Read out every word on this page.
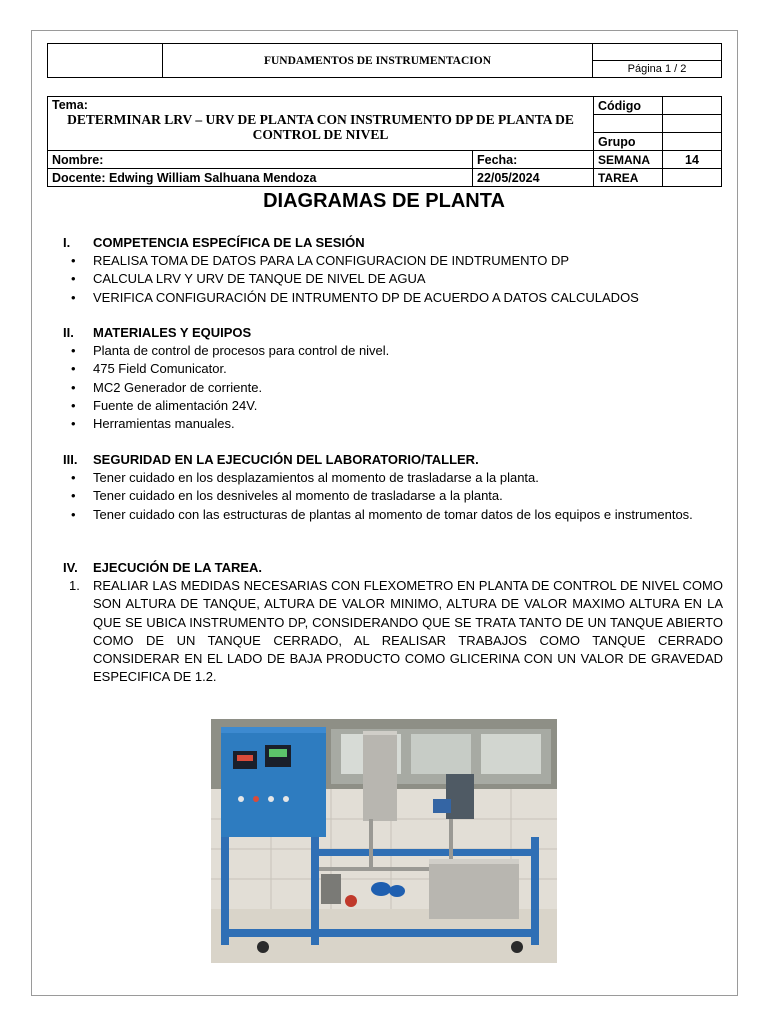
	FUNDAMENTOS DE INSTRUMENTACION	
Página 1 / 2
Tema:
DETERMINAR LRV – URV DE PLANTA CON INSTRUMENTO DP DE PLANTA DE CONTROL DE NIVEL		Código	

		Grupo	
Nombre:	Fecha:	SEMANA	14
Docente: Edwing William Salhuana Mendoza	22/05/2024	TAREA	
DIAGRAMAS DE PLANTA
I.	COMPETENCIA ESPECÍFICA DE LA SESIÓN
• REALISA TOMA DE DATOS PARA LA CONFIGURACION DE INDTRUMENTO DP
• CALCULA LRV Y URV DE TANQUE DE NIVEL DE AGUA
• VERIFICA CONFIGURACIÓN DE INTRUMENTO DP DE ACUERDO A DATOS CALCULADOS
II.	MATERIALES Y EQUIPOS
• Planta de control de procesos para control de nivel.
• 475 Field Comunicator.
• MC2 Generador de corriente.
• Fuente de alimentación 24V.
• Herramientas manuales.
III.	SEGURIDAD EN LA EJECUCIÓN DEL LABORATORIO/TALLER.
• Tener cuidado en los desplazamientos al momento de trasladarse a la planta.
• Tener cuidado en los desniveles al momento de trasladarse a la planta.
• Tener cuidado con las estructuras de plantas al momento de tomar datos de los equipos e instrumentos.
IV.	EJECUCIÓN DE LA TAREA.
1. REALIAR LAS MEDIDAS NECESARIAS CON FLEXOMETRO EN PLANTA DE CONTROL DE NIVEL COMO SON ALTURA DE TANQUE, ALTURA DE VALOR MINIMO, ALTURA DE VALOR MAXIMO ALTURA EN LA QUE SE UBICA INSTRUMENTO DP, CONSIDERANDO QUE SE TRATA TANTO DE UN TANQUE ABIERTO COMO DE UN TANQUE CERRADO, AL REALISAR TRABAJOS COMO TANQUE CERRADO CONSIDERAR EN EL LADO DE BAJA PRODUCTO COMO GLICERINA CON UN VALOR DE GRAVEDAD ESPECIFICA DE 1.2.
